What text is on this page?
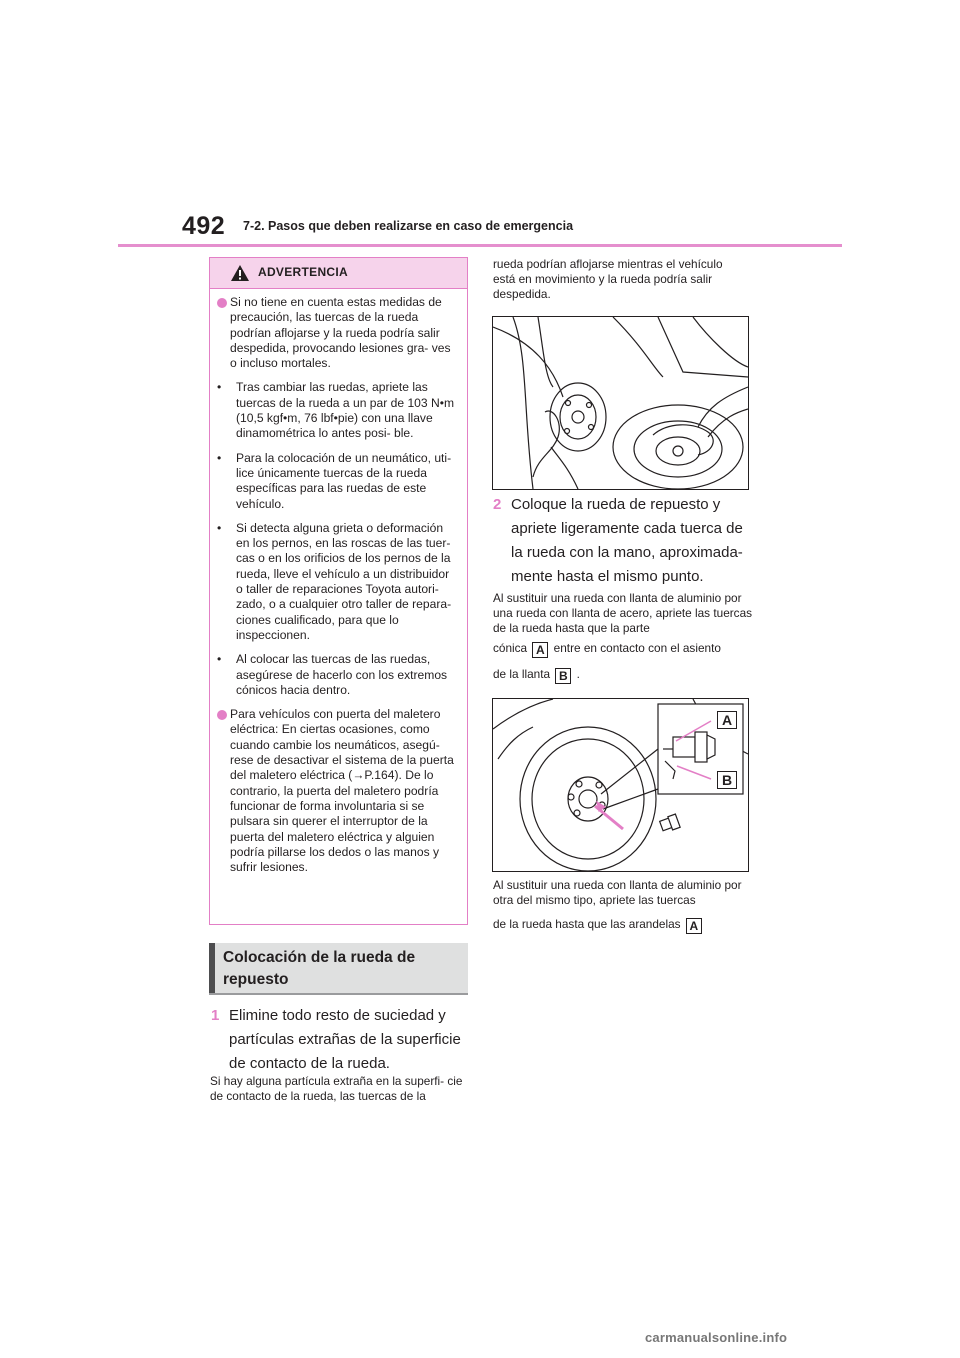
492 7-2. Pasos que deben realizarse en caso de emergencia
ADVERTENCIA
Si no tiene en cuenta estas medidas de precaución, las tuercas de la rueda podrían aflojarse y la rueda podría salir despedida, provocando lesiones gra- ves o incluso mortales.
•	Tras cambiar las ruedas, apriete las tuercas de la rueda a un par de 103 N•m (10,5 kgf•m, 76 lbf•pie) con una llave dinamométrica lo antes posi- ble.
•	Para la colocación de un neumático, uti- lice únicamente tuercas de la rueda específicas para las ruedas de este vehículo.
•	Si detecta alguna grieta o deformación en los pernos, en las roscas de las tuer- cas o en los orificios de los pernos de la rueda, lleve el vehículo a un distribuidor o taller de reparaciones Toyota autori- zado, o a cualquier otro taller de repara- ciones cualificado, para que lo inspeccionen.
•	Al colocar las tuercas de las ruedas, asegúrese de hacerlo con los extremos cónicos hacia dentro.
Para vehículos con puerta del maletero eléctrica: En ciertas ocasiones, como cuando cambie los neumáticos, asegú- rese de desactivar el sistema de la puerta del maletero eléctrica (→P.164). De lo contrario, la puerta del maletero podría funcionar de forma involuntaria si se pulsara sin querer el interruptor de la puerta del maletero eléctrica y alguien podría pillarse los dedos o las manos y sufrir lesiones.
Colocación de la rueda de repuesto
1 Elimine todo resto de suciedad y partículas extrañas de la superficie de contacto de la rueda.
Si hay alguna partícula extraña en la superfi- cie de contacto de la rueda, las tuercas de la
rueda podrían aflojarse mientras el vehículo está en movimiento y la rueda podría salir despedida.
2 Coloque la rueda de repuesto y apriete ligeramente cada tuerca de la rueda con la mano, aproximada- mente hasta el mismo punto.
Al sustituir una rueda con llanta de aluminio por una rueda con llanta de acero, apriete las tuercas de la rueda hasta que la parte
cónica A entre en contacto con el asiento
de la llanta B .
A
B
Al sustituir una rueda con llanta de aluminio por otra del mismo tipo, apriete las tuercas
de la rueda hasta que las arandelas A
carmanualsonline.info
